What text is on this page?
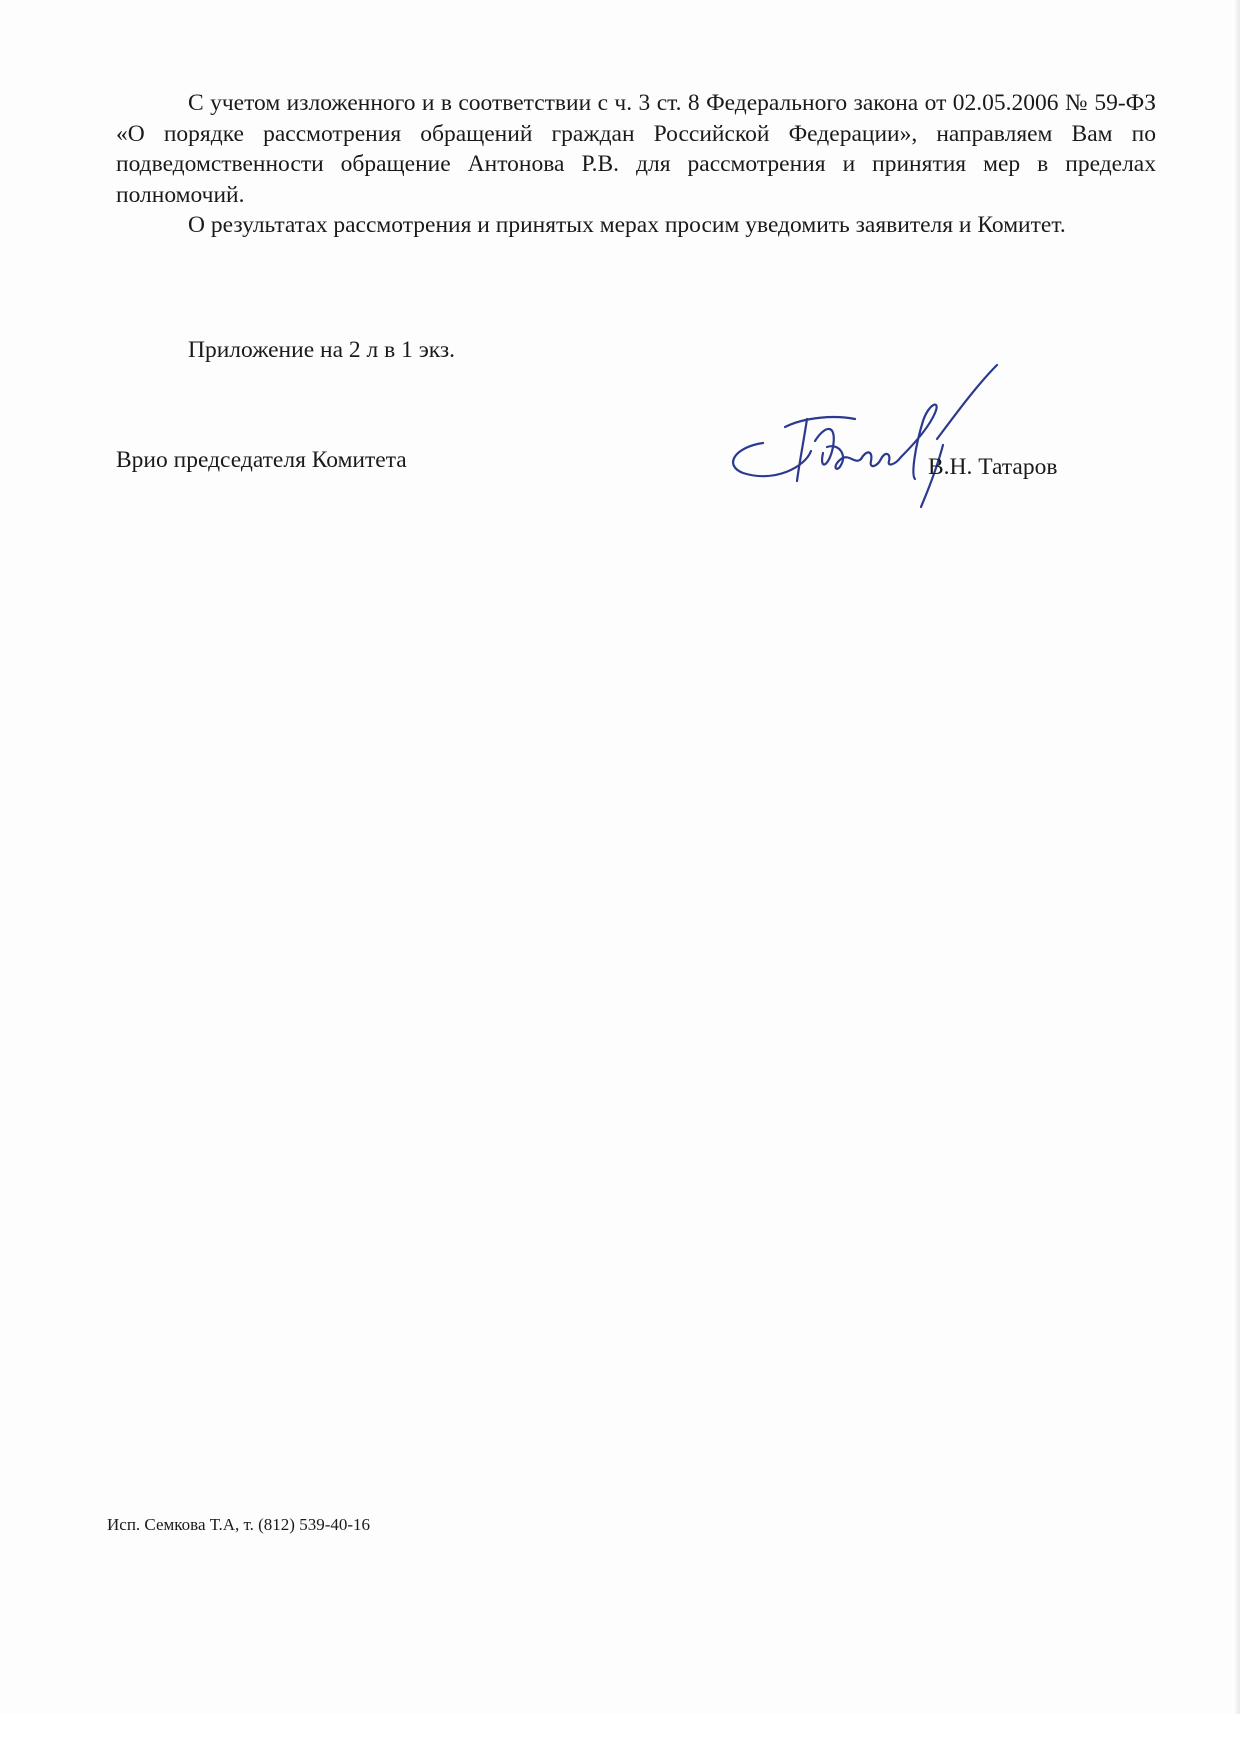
С учетом изложенного и в соответствии с ч. 3 ст. 8 Федерального закона от 02.05.2006 № 59-ФЗ «О порядке рассмотрения обращений граждан Российской Федерации», направляем Вам по подведомственности обращение Антонова Р.В. для рассмотрения и принятия мер в пределах полномочий.

О результатах рассмотрения и принятых мерах просим уведомить заявителя и Комитет.

Приложение на 2 л в 1 экз.
Врио председателя Комитета	В.Н. Татаров
Исп. Семкова Т.А, т. (812) 539-40-16
